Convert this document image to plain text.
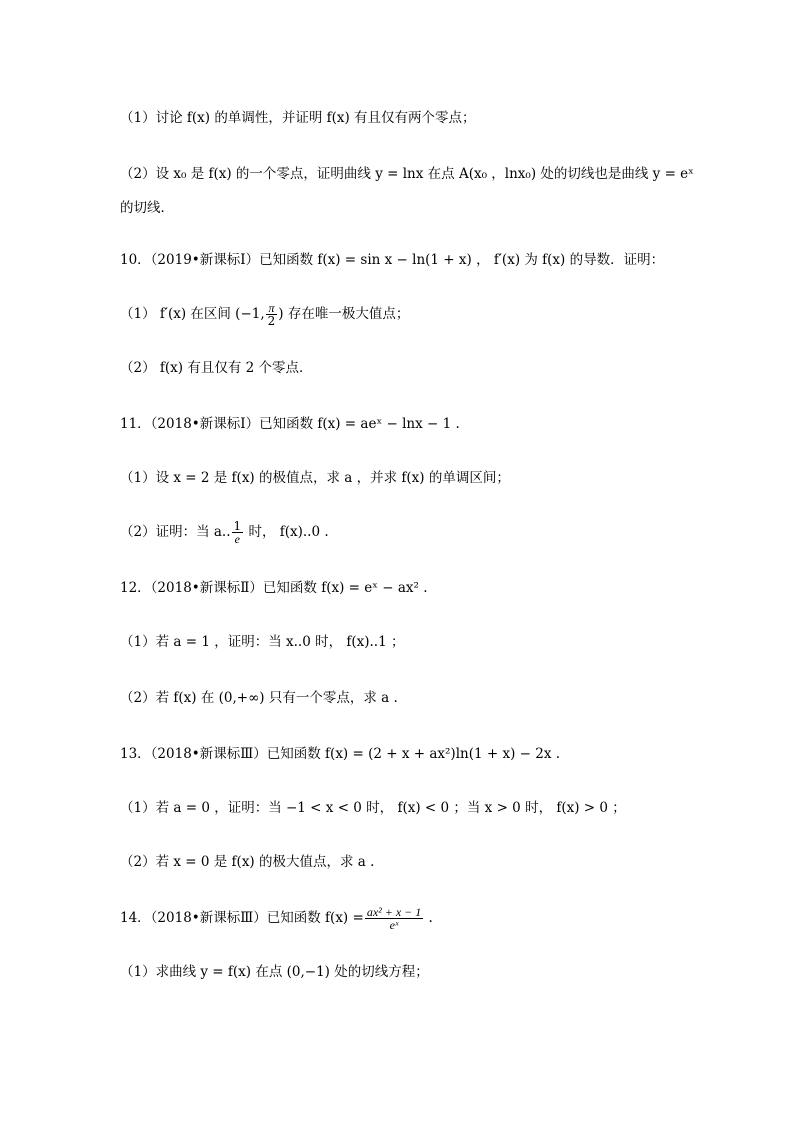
（1）讨论 f(x) 的单调性，并证明 f(x) 有且仅有两个零点；
（2）设 x₀ 是 f(x) 的一个零点，证明曲线 y = lnx 在点 A(x₀ ，lnx₀) 处的切线也是曲线 y = eˣ
的切线．
10．（2019•新课标Ⅰ）已知函数 f(x) = sin x − ln(1 + x) ， f′(x) 为 f(x) 的导数．证明：
（1） f′(x) 在区间 (−1, $\frac{\pi}{2}$ ) 存在唯一极大值点；
（2） f(x) 有且仅有 2 个零点．
11．（2018•新课标Ⅰ）已知函数 f(x) = aeˣ − lnx − 1 .
（1）设 x = 2 是 f(x) 的极值点，求 a ，并求 f(x) 的单调区间；
（2）证明：当 a.. $\frac{1}{e}$ 时， f(x)..0 .
12．（2018•新课标Ⅱ）已知函数 f(x) = eˣ − ax² .
（1）若 a = 1 ，证明：当 x..0 时， f(x)..1 ；
（2）若 f(x) 在 (0,+∞) 只有一个零点，求 a .
13．（2018•新课标Ⅲ）已知函数 f(x) = (2 + x + ax²)ln(1 + x) − 2x .
（1）若 a = 0 ，证明：当 −1 < x < 0 时， f(x) < 0 ；当 x > 0 时， f(x) > 0 ；
（2）若 x = 0 是 f(x) 的极大值点，求 a .
14．（2018•新课标Ⅲ）已知函数 $f(x) = \frac{\text{ax² + x − 1}}{\text{eˣ}}$ .
（1）求曲线 y = f(x) 在点 (0,−1) 处的切线方程；
